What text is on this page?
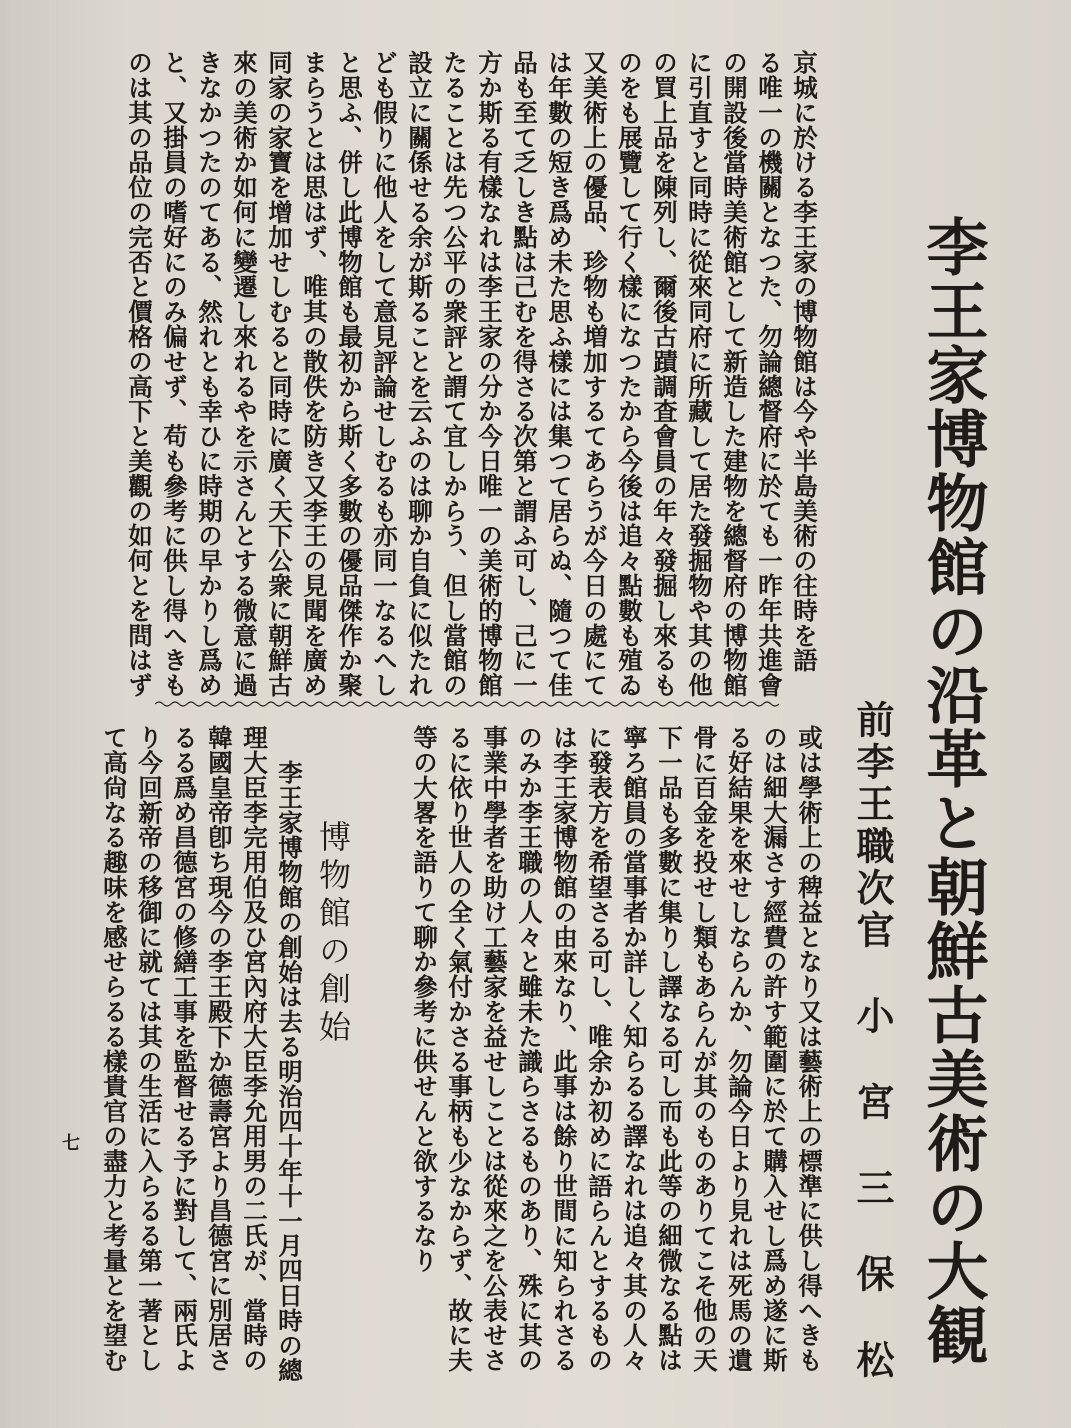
李王家博物館の沿革と朝鮮古美術の大観
前李王職次官小宮三保松
又美術上の優品、珍物も増加するてあらうが今日の處にて のをも展覽して行く樣になつたから今後は追々點數も殖ゐ の買上品を陳列し、爾後古蹟調査會員の年々發掘し來るも に引直すと同時に從來同府に所藏して居た發掘物や其の他 の開設後當時美術館として新造した建物を總督府の博物館 る唯一の機關となつた、勿論總督府に於ても一昨年共進會 京城に於ける李王家の博物館は今や半島美術の往時を語
は年數の短き爲め未た思ふ樣には集つて居らぬ、隨つて佳
品も至て乏しき點は己むを得さる次第と謂ふ可し、己に一
方か斯る有樣なれは李王家の分か今日唯一の美術的博物館
たることは先つ公平の衆評と謂て宜しからう、但し當館の
設立に關係せる余が斯ることを云ふのは聊か自負に似たれ
ども假りに他人をして意見評論せしむるも亦同一なるへし
と思ふ、併し此博物館も最初から斯く多數の優品傑作か聚
まらうとは思はず、唯其の散佚を防き又李王の見聞を廣め
同家の家寶を增加せしむると同時に廣く天下公衆に朝鮮古
來の美術か如何に變遷し來れるやを示さんとする微意に過
きなかつたのてある、然れとも幸ひに時期の早かりし爲め
と、又掛員の嗜好にのみ偏せず、苟も參考に供し得へきも
のは其の品位の完否と價格の高下と美觀の如何とを問はず
或は學術上の稗益となり又は藝術上の標準に供し得へきも
のは細大漏さす經費の許す範圍に於て購入せし爲め遂に斯
る好結果を來せしならんか、勿論今日より見れは死馬の遺
骨に百金を投せし類もあらんが其のものありてこそ他の天
下一品も多數に集りし譯なる可し而も此等の細微なる點は
寧ろ館員の當事者か詳しく知らるる譯なれは追々其の人々
に發表方を希望さる可し、唯余か初めに語らんとするもの
は李王家博物館の由來なり、此事は餘り世間に知られさる
のみか李王職の人々と雖未た識らさるものあり、殊に其の
事業中學者を助け工藝家を益せしことは從來之を公表せさ
るに依り世人の全く氣付かさる事柄も少なからず、故に夫
等の大畧を語りて聊か參考に供せんと欲するなり
博物館の創始
李王家博物館の創始は去る明治四十年十一月四日時の總
理大臣李完用伯及ひ宮內府大臣李允用男の二氏が、當時の
韓國皇帝卽ち現今の李王殿下か德壽宮より昌德宮に別居さ
るる爲め昌德宮の修繕工事を監督せる予に對して、兩氏よ
り今回新帝の移御に就ては其の生活に入らるる第一著とし
て高尙なる趣味を感せらるる樣貴官の盡力と考量とを望む
七
